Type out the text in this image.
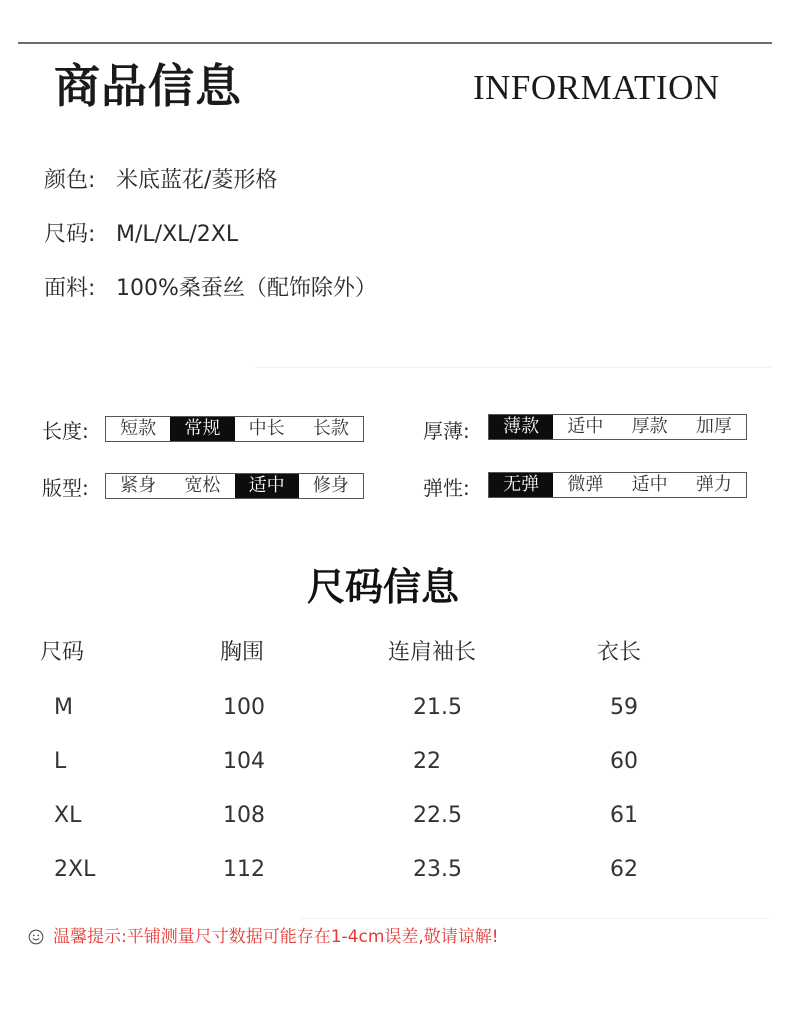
商品信息	INFORMATION
颜色: 米底蓝花/菱形格
尺码: M/L/XL/2XL
面料: 100%桑蚕丝（配饰除外）
长度:	短款	常规	中长	长款	厚薄:	薄款	适中	厚款	加厚
版型:	紧身	宽松	适中	修身	弹性:	无弹	微弹	适中	弹力
尺码信息
尺码	胸围	连肩袖长	衣长
M	100	21.5	59
L	104	22	60
XL	108	22.5	61
2XL	112	23.5	62
温馨提示:平铺测量尺寸数据可能存在1-4cm误差,敬请谅解!
